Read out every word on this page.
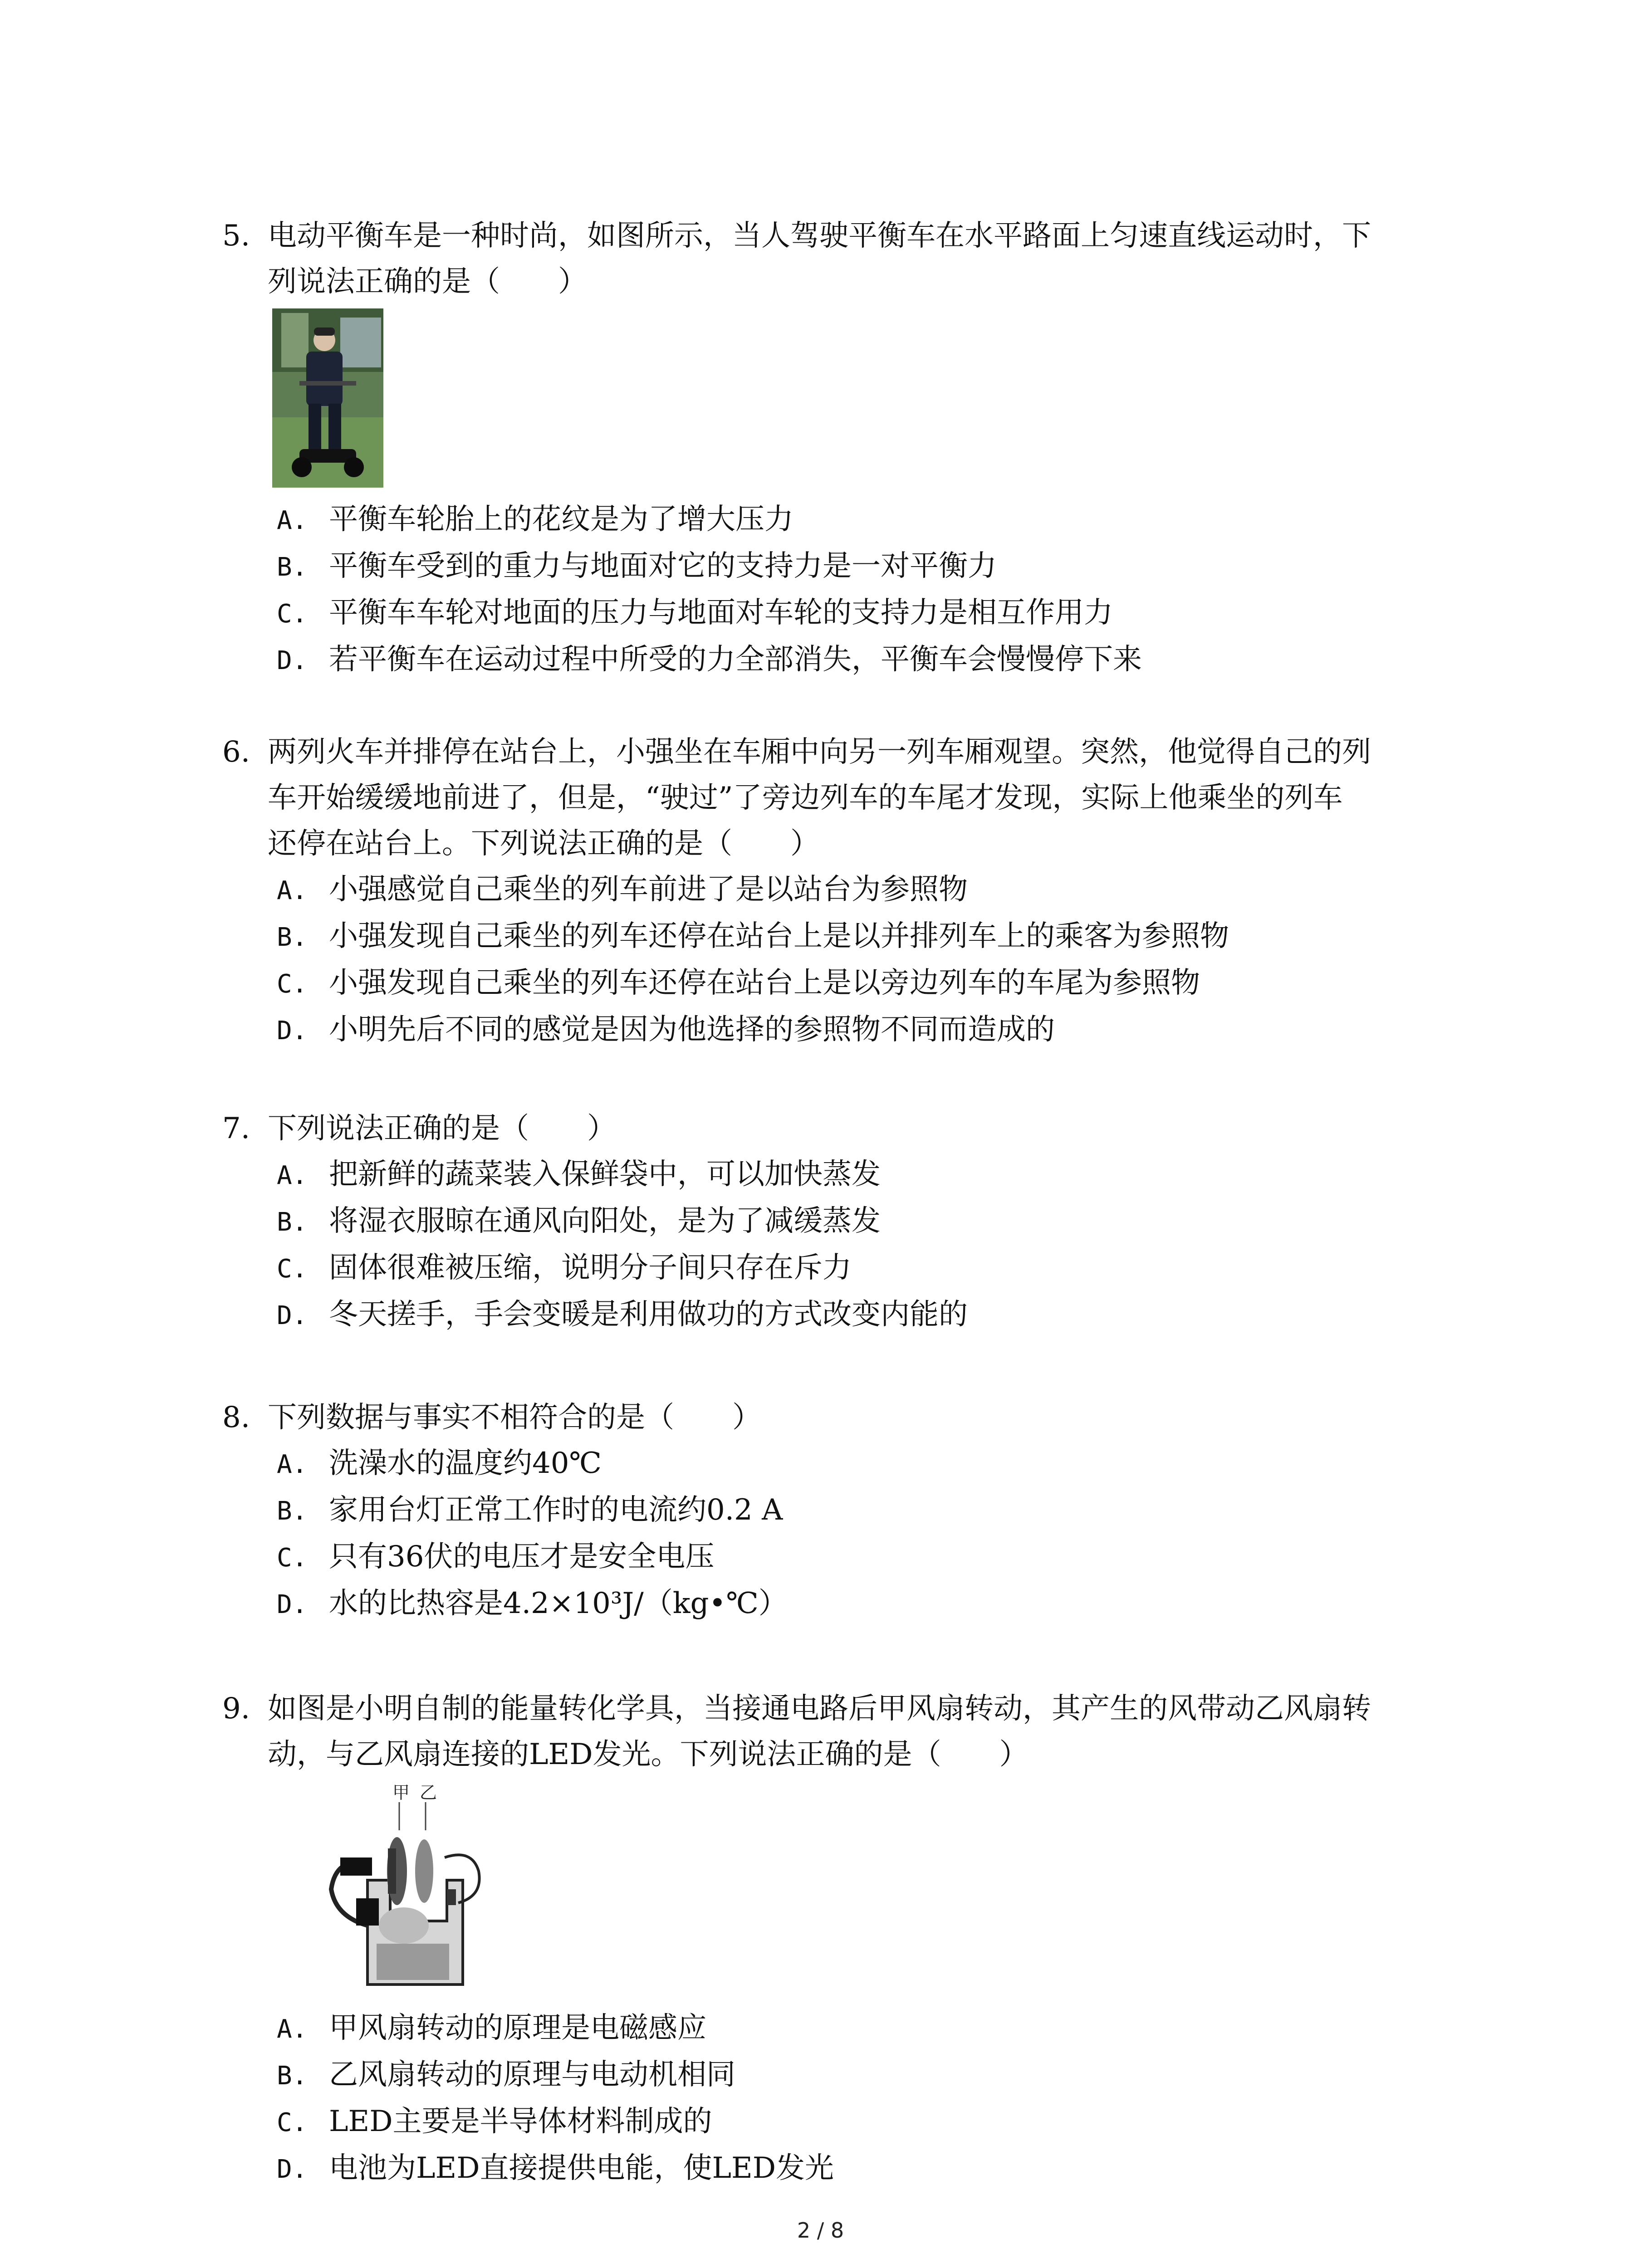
5. 电动平衡车是一种时尚，如图所示，当人驾驶平衡车在水平路面上匀速直线运动时，下
列说法正确的是（　　）
A. 平衡车轮胎上的花纹是为了增大压力
B. 平衡车受到的重力与地面对它的支持力是一对平衡力
C. 平衡车车轮对地面的压力与地面对车轮的支持力是相互作用力
D. 若平衡车在运动过程中所受的力全部消失，平衡车会慢慢停下来
6. 两列火车并排停在站台上，小强坐在车厢中向另一列车厢观望。突然，他觉得自己的列
车开始缓缓地前进了，但是，“驶过”了旁边列车的车尾才发现，实际上他乘坐的列车
还停在站台上。下列说法正确的是（　　）
A. 小强感觉自己乘坐的列车前进了是以站台为参照物
B. 小强发现自己乘坐的列车还停在站台上是以并排列车上的乘客为参照物
C. 小强发现自己乘坐的列车还停在站台上是以旁边列车的车尾为参照物
D. 小明先后不同的感觉是因为他选择的参照物不同而造成的
7. 下列说法正确的是（　　）
A. 把新鲜的蔬菜装入保鲜袋中，可以加快蒸发
B. 将湿衣服晾在通风向阳处，是为了减缓蒸发
C. 固体很难被压缩，说明分子间只存在斥力
D. 冬天搓手，手会变暖是利用做功的方式改变内能的
8. 下列数据与事实不相符合的是（　　）
A. 洗澡水的温度约40℃
B. 家用台灯正常工作时的电流约0.2 A
C. 只有36伏的电压才是安全电压
D. 水的比热容是4.2×10³J/（kg•℃）
9. 如图是小明自制的能量转化学具，当接通电路后甲风扇转动，其产生的风带动乙风扇转
动，与乙风扇连接的LED发光。下列说法正确的是（　　）
甲 乙
A. 甲风扇转动的原理是电磁感应
B. 乙风扇转动的原理与电动机相同
C. LED主要是半导体材料制成的
D. 电池为LED直接提供电能，使LED发光
2 / 8
